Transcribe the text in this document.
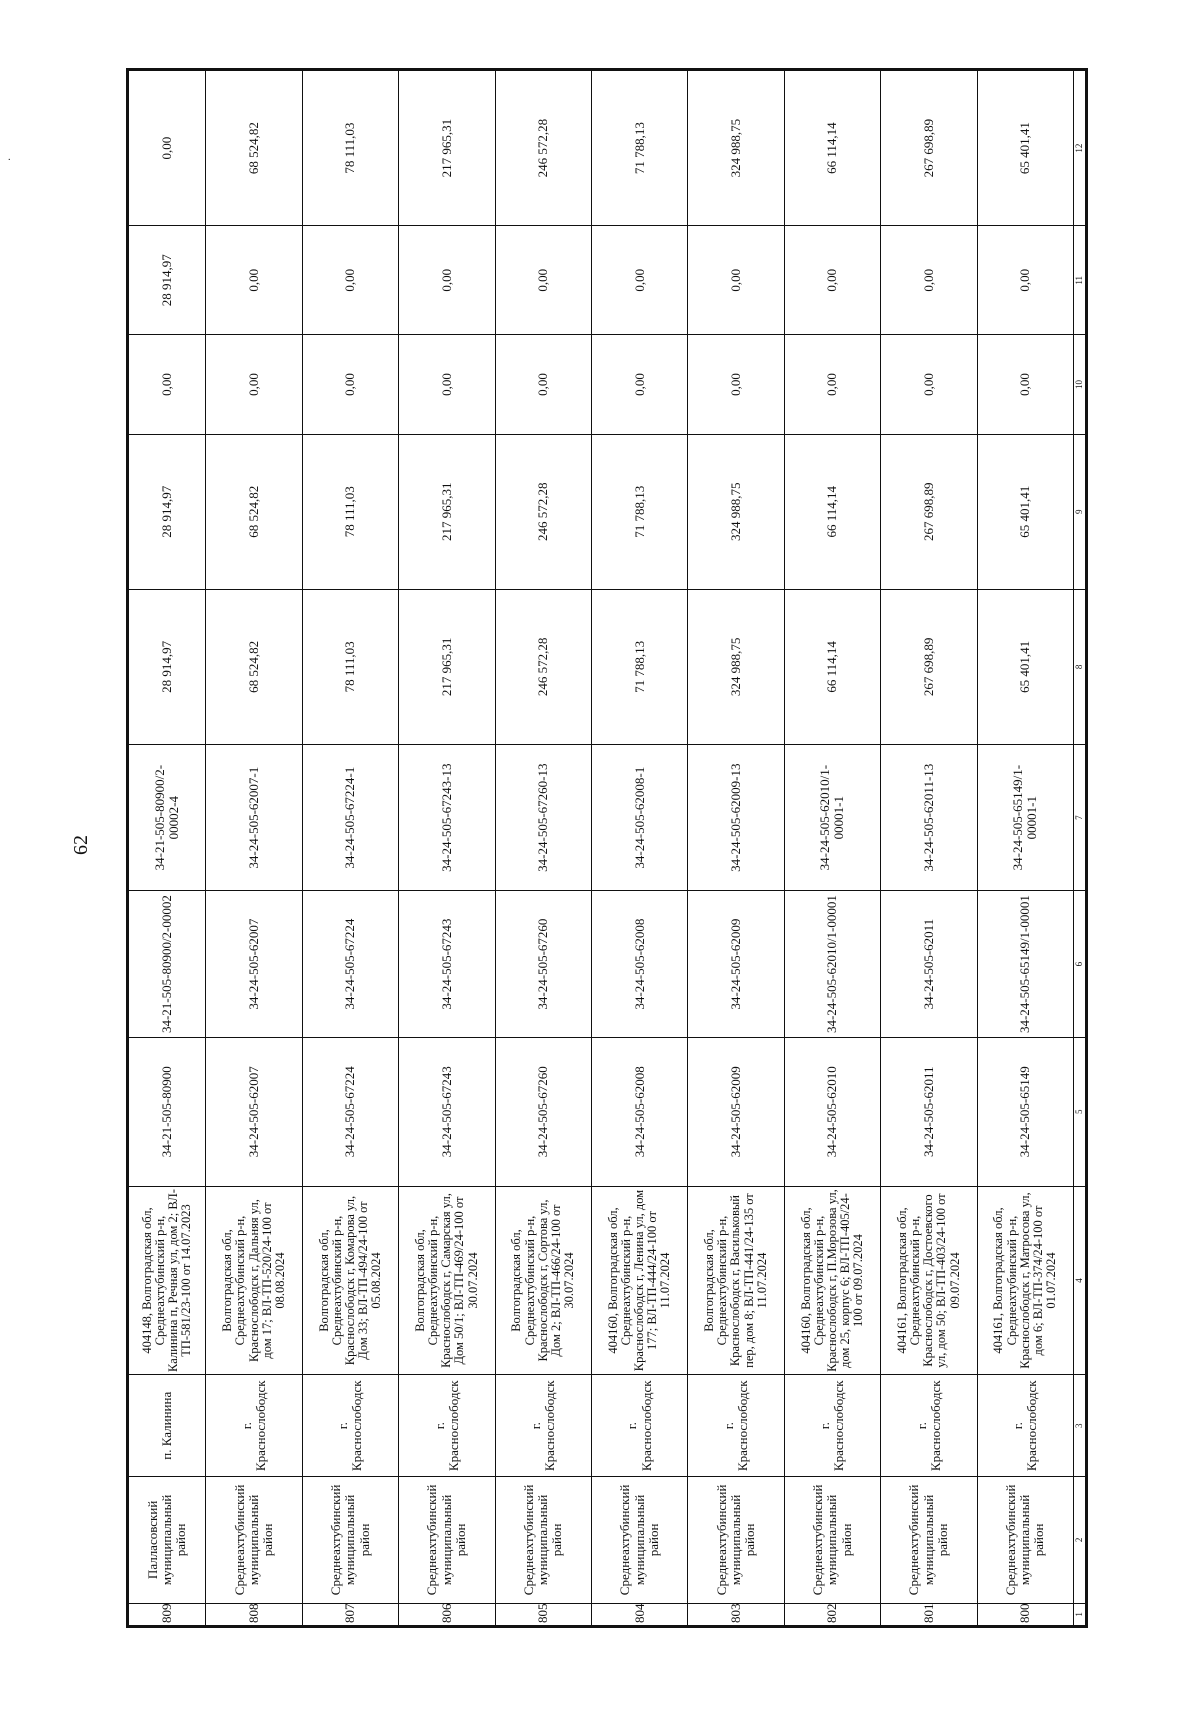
62
.
809	Палласовский муниципальный район	п. Калинина	404148, Волгоградская обл, Среднеахтубинский р-н, Калинина п, Речная ул, дом 2; ВЛ-ТП-581/23-100 от 14.07.2023	34-21-505-80900	34-21-505-80900/2-00002	34-21-505-80900/2-00002-4	28 914,97	28 914,97	0,00	28 914,97	0,00	
808	Среднеахтубинский муниципальный район	г. Краснослободск	Волгоградская обл, Среднеахтубинский р-н, Краснослободск г, Дальняя ул, дом 17; ВЛ-ТП-520/24-100 от 08.08.2024	34-24-505-62007	34-24-505-62007	34-24-505-62007-1	68 524,82	68 524,82	0,00	0,00	68 524,82	
807	Среднеахтубинский муниципальный район	г. Краснослободск	Волгоградская обл, Среднеахтубинский р-н, Краснослободск г, Комарова ул, Дом 33; ВЛ-ТП-494/24-100 от 05.08.2024	34-24-505-67224	34-24-505-67224	34-24-505-67224-1	78 111,03	78 111,03	0,00	0,00	78 111,03	
806	Среднеахтубинский муниципальный район	г. Краснослободск	Волгоградская обл, Среднеахтубинский р-н, Краснослободск г, Самарская ул, Дом 50/1; ВЛ-ТП-469/24-100 от 30.07.2024	34-24-505-67243	34-24-505-67243	34-24-505-67243-13	217 965,31	217 965,31	0,00	0,00	217 965,31	
805	Среднеахтубинский муниципальный район	г. Краснослободск	Волгоградская обл, Среднеахтубинский р-н, Краснослободск г, Сортова ул, Дом 2; ВЛ-ТП-466/24-100 от 30.07.2024	34-24-505-67260	34-24-505-67260	34-24-505-67260-13	246 572,28	246 572,28	0,00	0,00	246 572,28	
804	Среднеахтубинский муниципальный район	г. Краснослободск	404160, Волгоградская обл, Среднеахтубинский р-н, Краснослободск г, Ленина ул, дом 177; ВЛ-ТП-444/24-100 от 11.07.2024	34-24-505-62008	34-24-505-62008	34-24-505-62008-1	71 788,13	71 788,13	0,00	0,00	71 788,13	
803	Среднеахтубинский муниципальный район	г. Краснослободск	Волгоградская обл, Среднеахтубинский р-н, Краснослободск г, Васильковый пер, дом 8; ВЛ-ТП-441/24-135 от 11.07.2024	34-24-505-62009	34-24-505-62009	34-24-505-62009-13	324 988,75	324 988,75	0,00	0,00	324 988,75	
802	Среднеахтубинский муниципальный район	г. Краснослободск	404160, Волгоградская обл, Среднеахтубинский р-н, Краснослободск г, П.Морозова ул, дом 25, корпус 6; ВЛ-ТП-405/24-100 от 09.07.2024	34-24-505-62010	34-24-505-62010/1-00001	34-24-505-62010/1-00001-1	66 114,14	66 114,14	0,00	0,00	66 114,14	
801	Среднеахтубинский муниципальный район	г. Краснослободск	404161, Волгоградская обл, Среднеахтубинский р-н, Краснослободск г, Достоевского ул, дом 50; ВЛ-ТП-403/24-100 от 09.07.2024	34-24-505-62011	34-24-505-62011	34-24-505-62011-13	267 698,89	267 698,89	0,00	0,00	267 698,89	
800	Среднеахтубинский муниципальный район	г. Краснослободск	404161, Волгоградская обл, Среднеахтубинский р-н, Краснослободск г, Матросова ул, дом 6; ВЛ-ТП-374/24-100 от 01.07.2024	34-24-505-65149	34-24-505-65149/1-00001	34-24-505-65149/1-00001-1	65 401,41	65 401,41	0,00	0,00	65 401,41	
1	2	3	4	5	6	7	8	9	10	11	12	
